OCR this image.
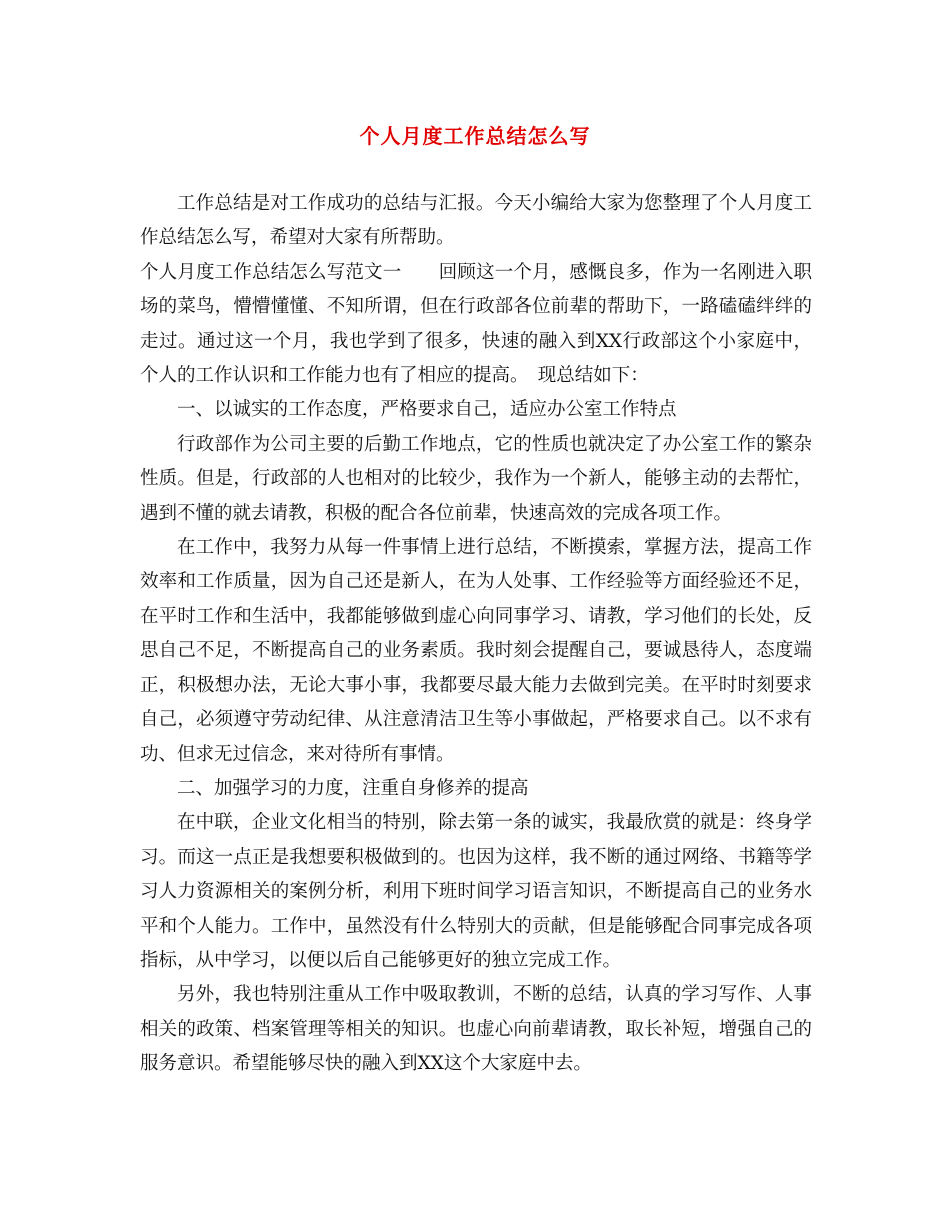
个人月度工作总结怎么写

工作总结是对工作成功的总结与汇报。今天小编给大家为您整理了个人月度工作总结怎么写，希望对大家有所帮助。

个人月度工作总结怎么写范文一　　回顾这一个月，感慨良多，作为一名刚进入职场的菜鸟，懵懵懂懂、不知所谓，但在行政部各位前辈的帮助下，一路磕磕绊绊的走过。通过这一个月，我也学到了很多，快速的融入到XX行政部这个小家庭中，个人的工作认识和工作能力也有了相应的提高。　现总结如下：

一、以诚实的工作态度，严格要求自己，适应办公室工作特点

行政部作为公司主要的后勤工作地点，它的性质也就决定了办公室工作的繁杂性质。但是，行政部的人也相对的比较少，我作为一个新人，能够主动的去帮忙，遇到不懂的就去请教，积极的配合各位前辈，快速高效的完成各项工作。

在工作中，我努力从每一件事情上进行总结，不断摸索，掌握方法，提高工作效率和工作质量，因为自己还是新人，在为人处事、工作经验等方面经验还不足，在平时工作和生活中，我都能够做到虚心向同事学习、请教，学习他们的长处，反思自己不足，不断提高自己的业务素质。我时刻会提醒自己，要诚恳待人，态度端正，积极想办法，无论大事小事，我都要尽最大能力去做到完美。在平时时刻要求自己，必须遵守劳动纪律、从注意清洁卫生等小事做起，严格要求自己。以不求有功、但求无过信念，来对待所有事情。

二、加强学习的力度，注重自身修养的提高

在中联，企业文化相当的特别，除去第一条的诚实，我最欣赏的就是：终身学习。而这一点正是我想要积极做到的。也因为这样，我不断的通过网络、书籍等学习人力资源相关的案例分析，利用下班时间学习语言知识，不断提高自己的业务水平和个人能力。工作中，虽然没有什么特别大的贡献，但是能够配合同事完成各项指标，从中学习，以便以后自己能够更好的独立完成工作。

另外，我也特别注重从工作中吸取教训，不断的总结，认真的学习写作、人事相关的政策、档案管理等相关的知识。也虚心向前辈请教，取长补短，增强自己的服务意识。希望能够尽快的融入到XX这个大家庭中去。
